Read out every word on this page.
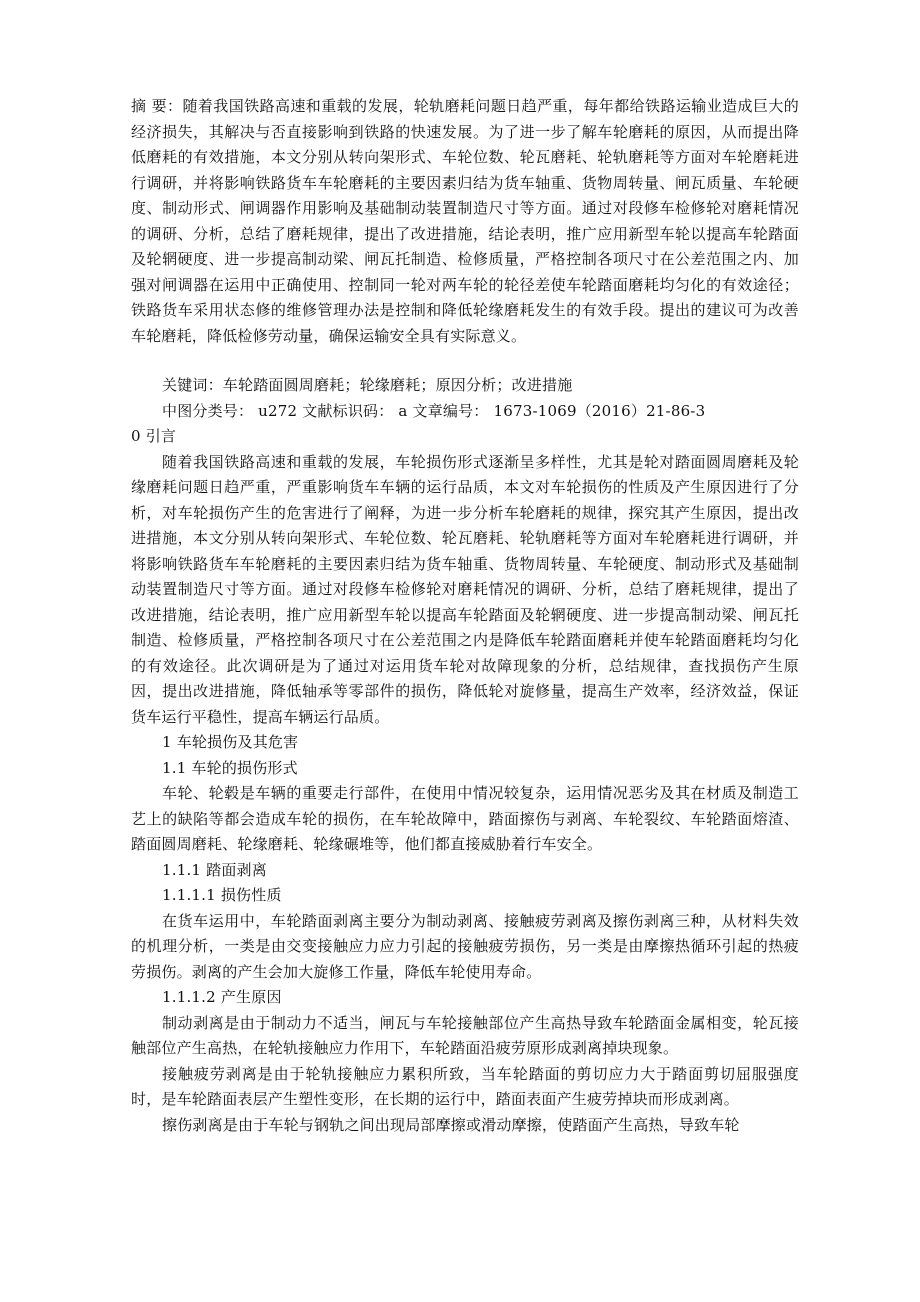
摘 要：随着我国铁路高速和重载的发展，轮轨磨耗问题日趋严重，每年都给铁路运输业造成巨大的经济损失，其解决与否直接影响到铁路的快速发展。为了进一步了解车轮磨耗的原因，从而提出降低磨耗的有效措施，本文分别从转向架形式、车轮位数、轮瓦磨耗、轮轨磨耗等方面对车轮磨耗进行调研，并将影响铁路货车车轮磨耗的主要因素归结为货车轴重、货物周转量、闸瓦质量、车轮硬度、制动形式、闸调器作用影响及基础制动装置制造尺寸等方面。通过对段修车检修轮对磨耗情况的调研、分析，总结了磨耗规律，提出了改进措施，结论表明，推广应用新型车轮以提高车轮踏面及轮辋硬度、进一步提高制动梁、闸瓦托制造、检修质量，严格控制各项尺寸在公差范围之内、加强对闸调器在运用中正确使用、控制同一轮对两车轮的轮径差使车轮踏面磨耗均匀化的有效途径；铁路货车采用状态修的维修管理办法是控制和降低轮缘磨耗发生的有效手段。提出的建议可为改善车轮磨耗，降低检修劳动量，确保运输安全具有实际意义。

关键词：车轮踏面圆周磨耗；轮缘磨耗；原因分析；改进措施

中图分类号： u272 文献标识码： a 文章编号： 1673-1069（2016）21-86-3

0 引言

随着我国铁路高速和重载的发展，车轮损伤形式逐渐呈多样性，尤其是轮对踏面圆周磨耗及轮缘磨耗问题日趋严重，严重影响货车车辆的运行品质，本文对车轮损伤的性质及产生原因进行了分析，对车轮损伤产生的危害进行了阐释，为进一步分析车轮磨耗的规律，探究其产生原因，提出改进措施，本文分别从转向架形式、车轮位数、轮瓦磨耗、轮轨磨耗等方面对车轮磨耗进行调研，并将影响铁路货车车轮磨耗的主要因素归结为货车轴重、货物周转量、车轮硬度、制动形式及基础制动装置制造尺寸等方面。通过对段修车检修轮对磨耗情况的调研、分析，总结了磨耗规律，提出了改进措施，结论表明，推广应用新型车轮以提高车轮踏面及轮辋硬度、进一步提高制动梁、闸瓦托制造、检修质量，严格控制各项尺寸在公差范围之内是降低车轮踏面磨耗并使车轮踏面磨耗均匀化的有效途径。此次调研是为了通过对运用货车轮对故障现象的分析，总结规律，查找损伤产生原因，提出改进措施，降低轴承等零部件的损伤，降低轮对旋修量，提高生产效率，经济效益，保证货车运行平稳性，提高车辆运行品质。

1 车轮损伤及其危害

1.1 车轮的损伤形式

车轮、轮毂是车辆的重要走行部件，在使用中情况较复杂，运用情况恶劣及其在材质及制造工艺上的缺陷等都会造成车轮的损伤，在车轮故障中，踏面擦伤与剥离、车轮裂纹、车轮踏面熔渣、踏面圆周磨耗、轮缘磨耗、轮缘碾堆等，他们都直接威胁着行车安全。

1.1.1 踏面剥离

1.1.1.1 损伤性质

在货车运用中，车轮踏面剥离主要分为制动剥离、接触疲劳剥离及擦伤剥离三种，从材料失效的机理分析，一类是由交变接触应力应力引起的接触疲劳损伤，另一类是由摩擦热循环引起的热疲劳损伤。剥离的产生会加大旋修工作量，降低车轮使用寿命。

1.1.1.2 产生原因

制动剥离是由于制动力不适当，闸瓦与车轮接触部位产生高热导致车轮踏面金属相变，轮瓦接触部位产生高热，在轮轨接触应力作用下，车轮踏面沿疲劳原形成剥离掉块现象。

接触疲劳剥离是由于轮轨接触应力累积所致，当车轮踏面的剪切应力大于踏面剪切屈服强度时，是车轮踏面表层产生塑性变形，在长期的运行中，踏面表面产生疲劳掉块而形成剥离。

擦伤剥离是由于车轮与钢轨之间出现局部摩擦或滑动摩擦，使踏面产生高热，导致车轮
